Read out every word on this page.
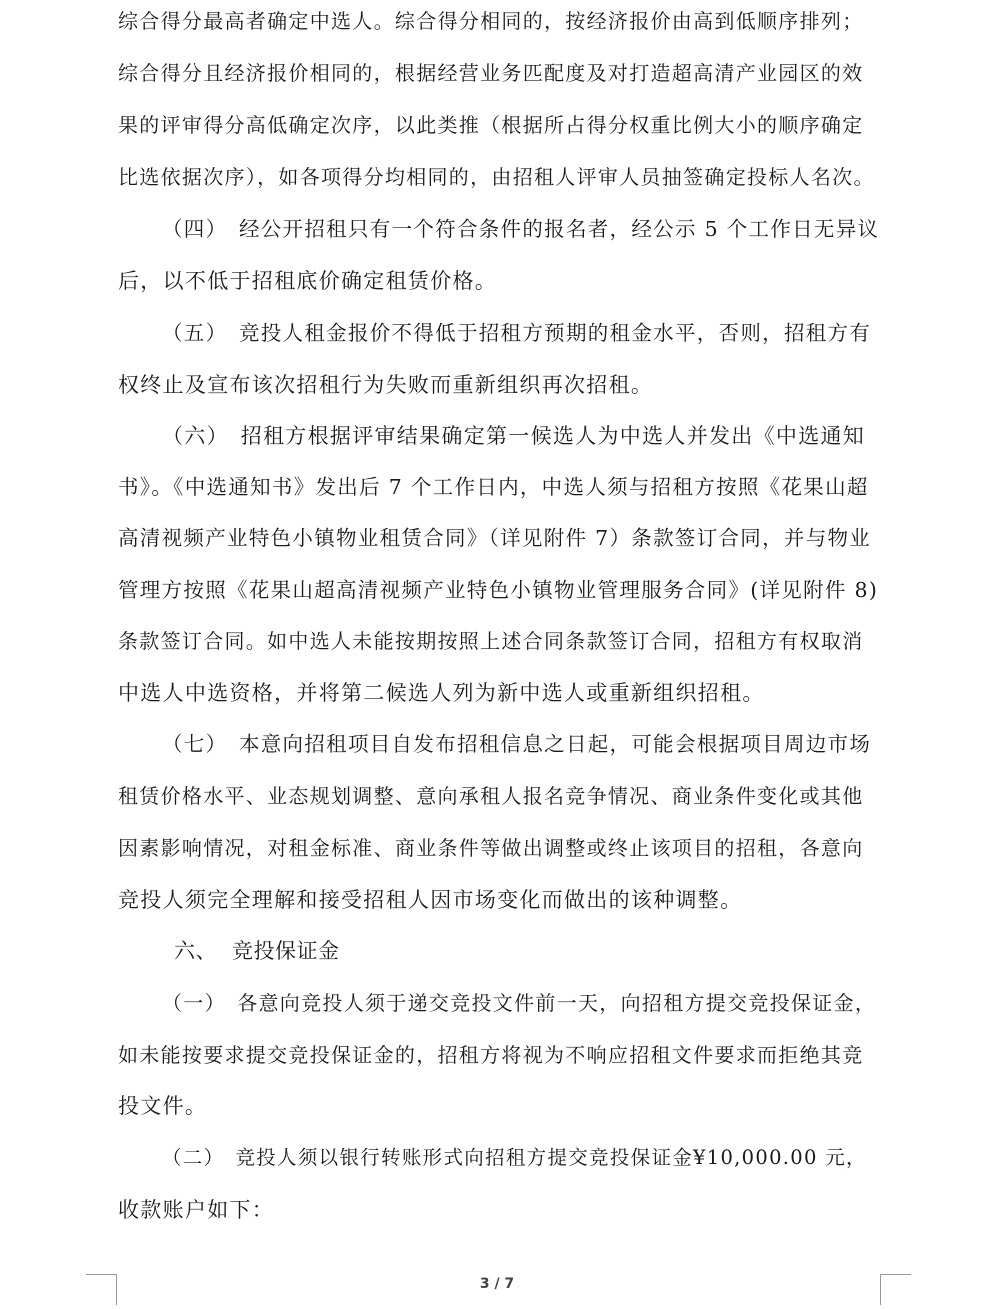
综合得分最高者确定中选人。综合得分相同的，按经济报价由高到低顺序排列；
综合得分且经济报价相同的，根据经营业务匹配度及对打造超高清产业园区的效
果的评审得分高低确定次序，以此类推（根据所占得分权重比例大小的顺序确定
比选依据次序），如各项得分均相同的，由招租人评审人员抽签确定投标人名次。
（四）　经公开招租只有一个符合条件的报名者，经公示 5 个工作日无异议
后，以不低于招租底价确定租赁价格。
（五）　竞投人租金报价不得低于招租方预期的租金水平，否则，招租方有
权终止及宣布该次招租行为失败而重新组织再次招租。
（六）　招租方根据评审结果确定第一候选人为中选人并发出《中选通知
书》。《中选通知书》发出后 7 个工作日内，中选人须与招租方按照《花果山超
高清视频产业特色小镇物业租赁合同》（详见附件 7）条款签订合同，并与物业
管理方按照《花果山超高清视频产业特色小镇物业管理服务合同》(详见附件 8)
条款签订合同。如中选人未能按期按照上述合同条款签订合同，招租方有权取消
中选人中选资格，并将第二候选人列为新中选人或重新组织招租。
（七）　本意向招租项目自发布招租信息之日起，可能会根据项目周边市场
租赁价格水平、业态规划调整、意向承租人报名竞争情况、商业条件变化或其他
因素影响情况，对租金标准、商业条件等做出调整或终止该项目的招租，各意向
竞投人须完全理解和接受招租人因市场变化而做出的该种调整。
六、 竞投保证金
（一）　各意向竞投人须于递交竞投文件前一天，向招租方提交竞投保证金，
如未能按要求提交竞投保证金的，招租方将视为不响应招租文件要求而拒绝其竞
投文件。
（二）　竞投人须以银行转账形式向招租方提交竞投保证金¥10,000.00 元，
收款账户如下：
3 / 7
